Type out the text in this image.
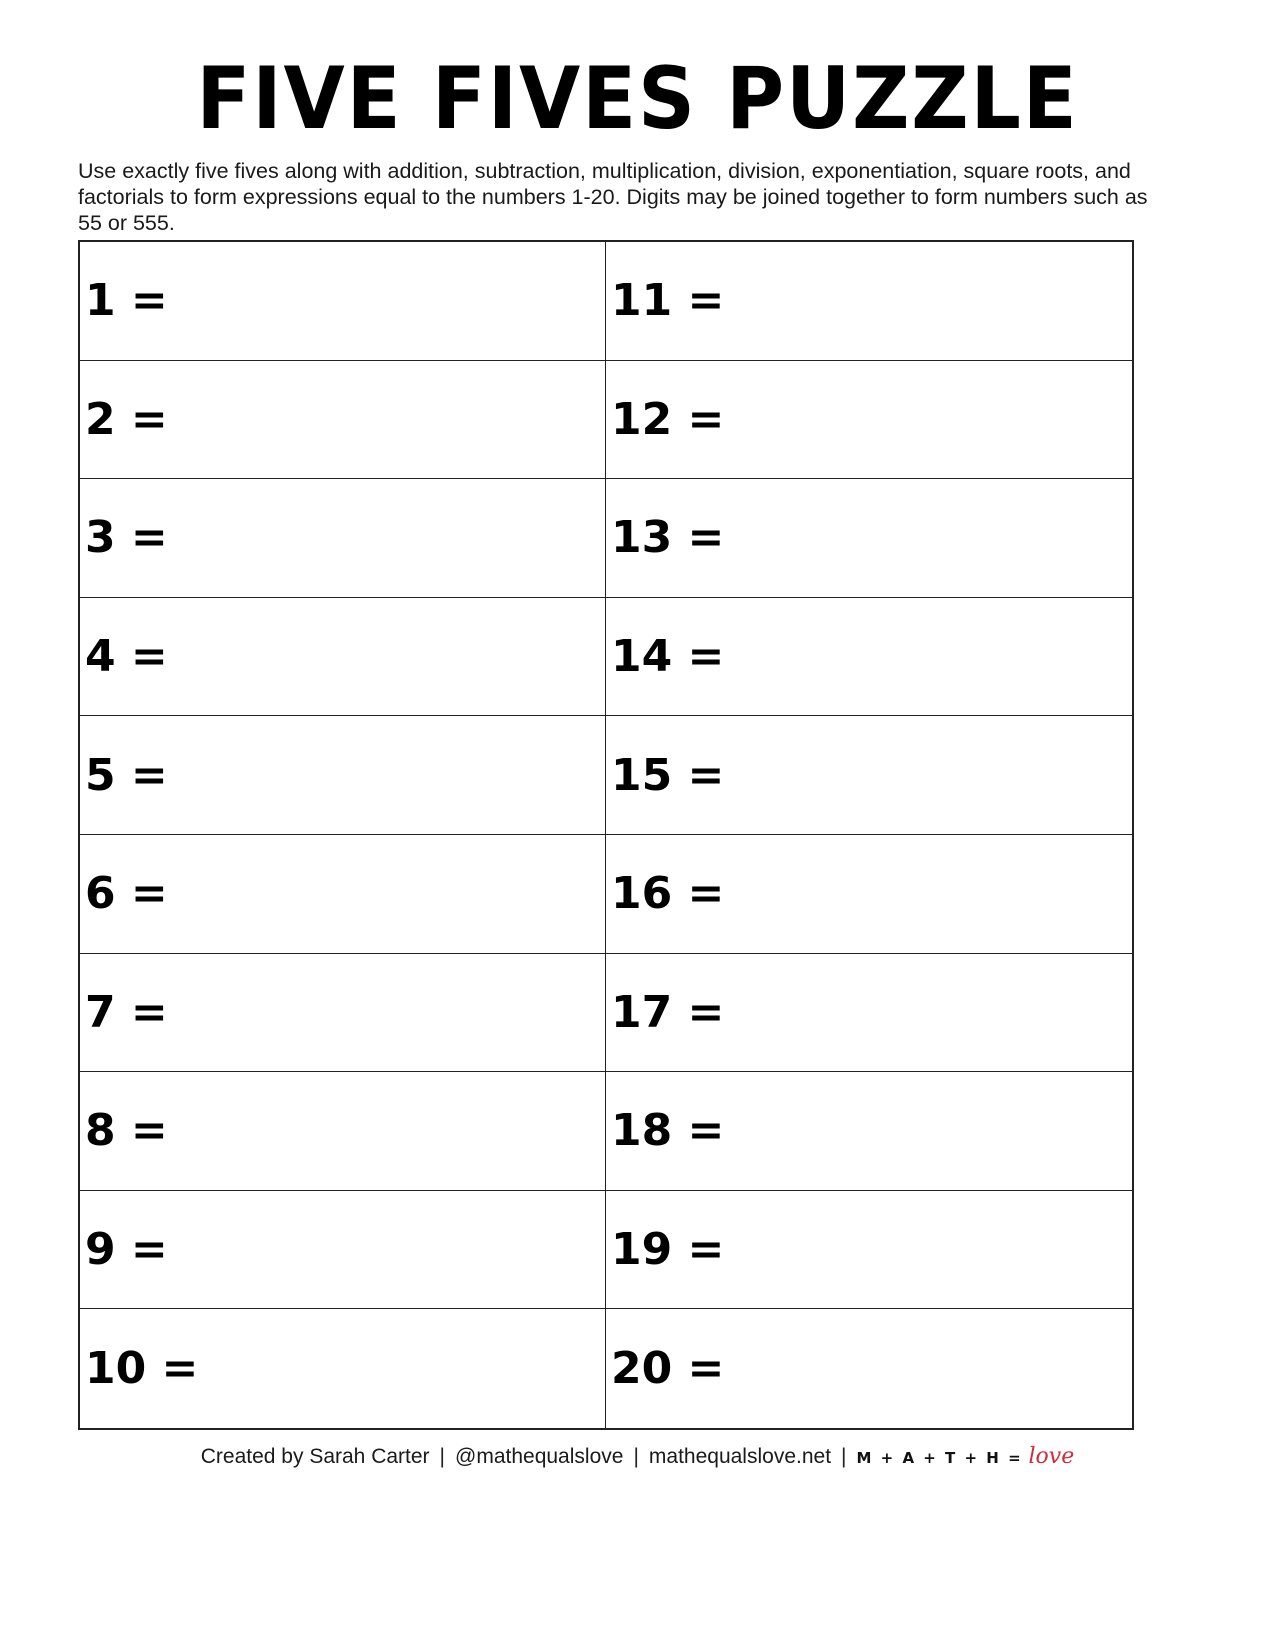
FIVE FIVES PUZZLE
Use exactly five fives along with addition, subtraction, multiplication, division, exponentiation, square roots, and factorials to form expressions equal to the numbers 1-20. Digits may be joined together to form numbers such as 55 or 555.
1 =
2 =
3 =
4 =
5 =
6 =
7 =
8 =
9 =
10 =
11 =
12 =
13 =
14 =
15 =
16 =
17 =
18 =
19 =
20 =
Created by Sarah Carter | @mathequalslove | mathequalslove.net | M + A + T + H = love
